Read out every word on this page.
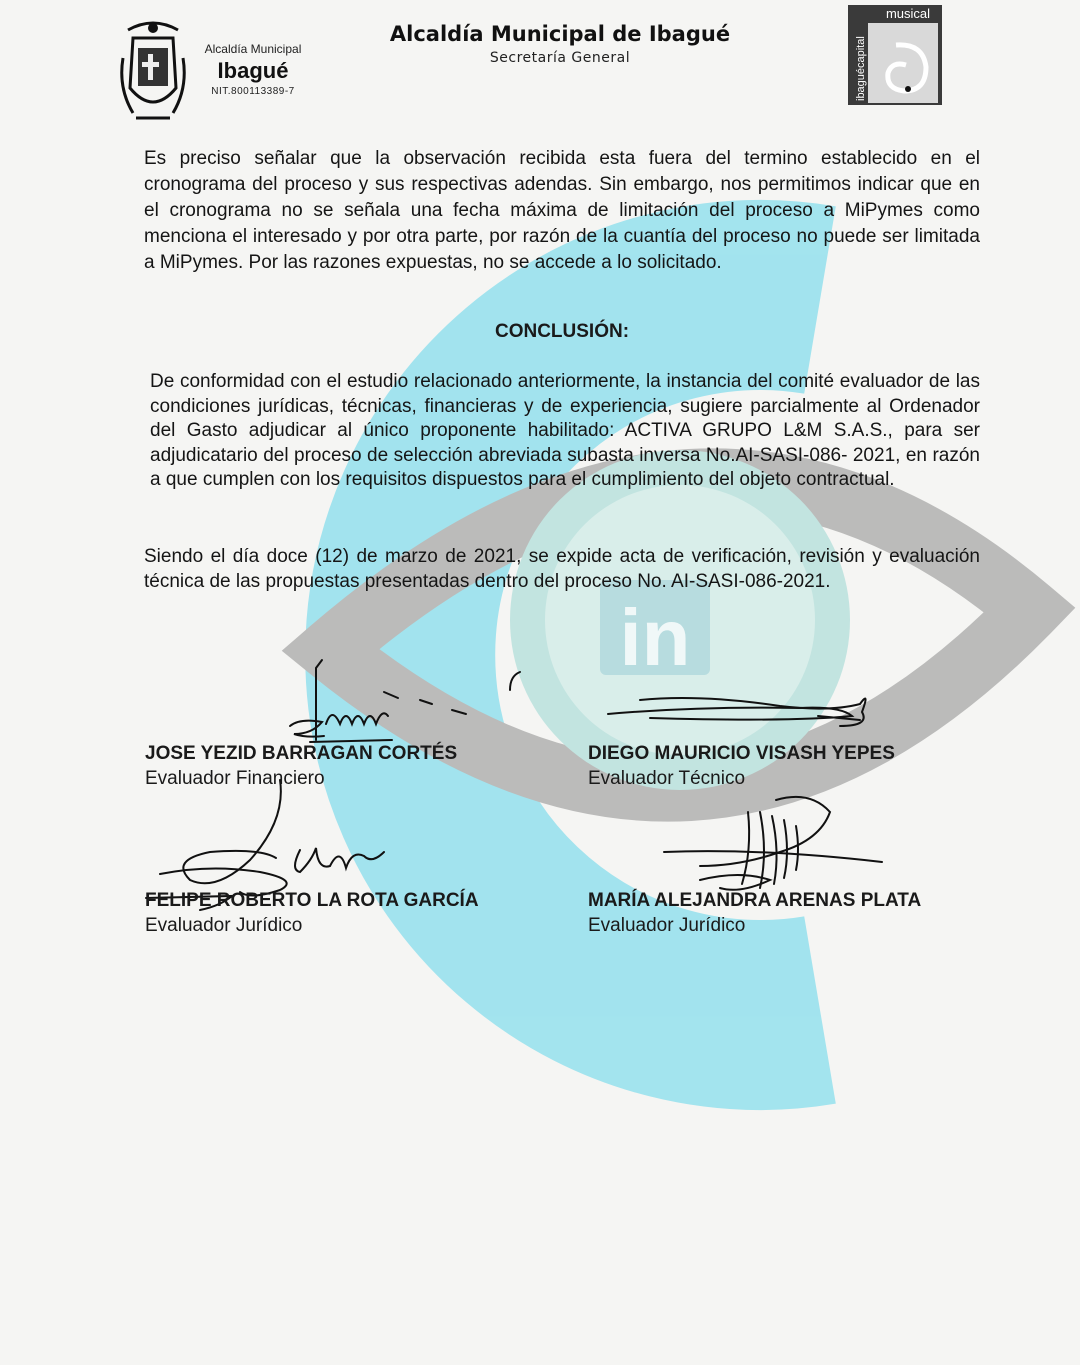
in
Alcaldía Municipal
Ibagué
NIT.800113389-7
Alcaldía Municipal de Ibagué
Secretaría General
musical
ibaguécapital
Es preciso señalar que la observación recibida esta fuera del termino establecido en el cronograma del proceso y sus respectivas adendas. Sin embargo, nos permitimos indicar que en el cronograma no se señala una fecha máxima de limitación del proceso a MiPymes como menciona el interesado y por otra parte, por razón de la cuantía del proceso no puede ser limitada a MiPymes. Por las razones expuestas, no se accede a lo solicitado.
CONCLUSIÓN:
De conformidad con el estudio relacionado anteriormente, la instancia del comité evaluador de las condiciones jurídicas, técnicas, financieras y de experiencia, sugiere parcialmente al Ordenador del Gasto adjudicar al único proponente habilitado: ACTIVA GRUPO L&M S.A.S., para ser adjudicatario del proceso de selección abreviada subasta inversa No.AI-SASI-086- 2021, en razón a que cumplen con los requisitos dispuestos para el cumplimiento del objeto contractual.
Siendo el día doce (12) de marzo de 2021, se expide acta de verificación, revisión y evaluación técnica de las propuestas presentadas dentro del proceso No. AI-SASI-086-2021.
JOSE YEZID BARRAGAN CORTÉS
Evaluador Financiero
DIEGO MAURICIO VISASH YEPES
Evaluador Técnico
FELIPE ROBERTO LA ROTA GARCÍA
Evaluador Jurídico
MARÍA ALEJANDRA ARENAS PLATA
Evaluador Jurídico
